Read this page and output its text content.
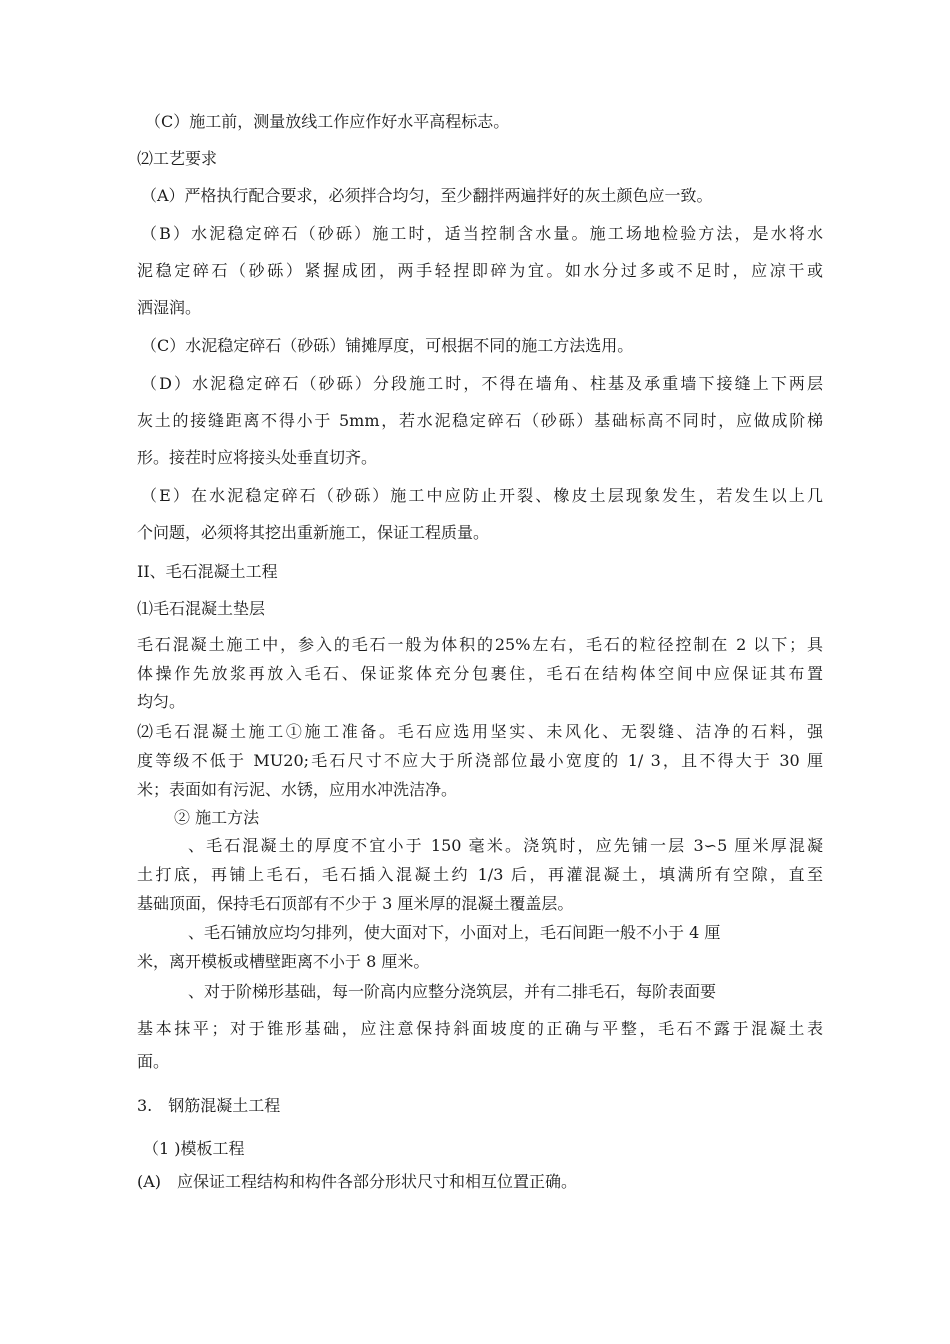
（C）施工前，测量放线工作应作好水平高程标志。
⑵工艺要求
（A）严格执行配合要求，必须拌合均匀，至少翻拌两遍拌好的灰土颜色应一致。
（B）水泥稳定碎石（砂砾）施工时，适当控制含水量。施工场地检验方法，是水将水
泥稳定碎石（砂砾）紧握成团，两手轻捏即碎为宜。如水分过多或不足时，应凉干或
洒湿润。
（C）水泥稳定碎石（砂砾）铺摊厚度，可根据不同的施工方法选用。
（D）水泥稳定碎石（砂砾）分段施工时，不得在墙角、柱基及承重墙下接缝上下两层
灰土的接缝距离不得小于 5mm，若水泥稳定碎石（砂砾）基础标高不同时，应做成阶梯
形。接茬时应将接头处垂直切齐。
（E）在水泥稳定碎石（砂砾）施工中应防止开裂、橡皮土层现象发生，若发生以上几
个问题，必须将其挖出重新施工，保证工程质量。
II、毛石混凝土工程
⑴毛石混凝土垫层
毛石混凝土施工中，参入的毛石一般为体积的25%左右，毛石的粒径控制在 2 以下；具
体操作先放浆再放入毛石、保证浆体充分包裹住，毛石在结构体空间中应保证其布置
均匀。
⑵毛石混凝土施工①施工准备。毛石应选用坚实、未风化、无裂缝、洁净的石料，强
度等级不低于 MU20;毛石尺寸不应大于所浇部位最小宽度的 1/ 3，且不得大于 30 厘
米；表面如有污泥、水锈，应用水冲洗洁净。
② 施工方法
、毛石混凝土的厚度不宜小于 150 毫米。浇筑时，应先铺一层 3∽5 厘米厚混凝
土打底，再铺上毛石，毛石插入混凝土约 1/3 后，再灌混凝土，填满所有空隙，直至
基础顶面，保持毛石顶部有不少于 3 厘米厚的混凝土覆盖层。
、毛石铺放应均匀排列，使大面对下，小面对上，毛石间距一般不小于 4 厘
米，离开模板或槽壁距离不小于 8 厘米。
、对于阶梯形基础，每一阶高内应整分浇筑层，并有二排毛石，每阶表面要
基本抹平；对于锥形基础，应注意保持斜面坡度的正确与平整，毛石不露于混凝土表
面。
3.　钢筋混凝土工程
（1 )模板工程
(A)　应保证工程结构和构件各部分形状尺寸和相互位置正确。
